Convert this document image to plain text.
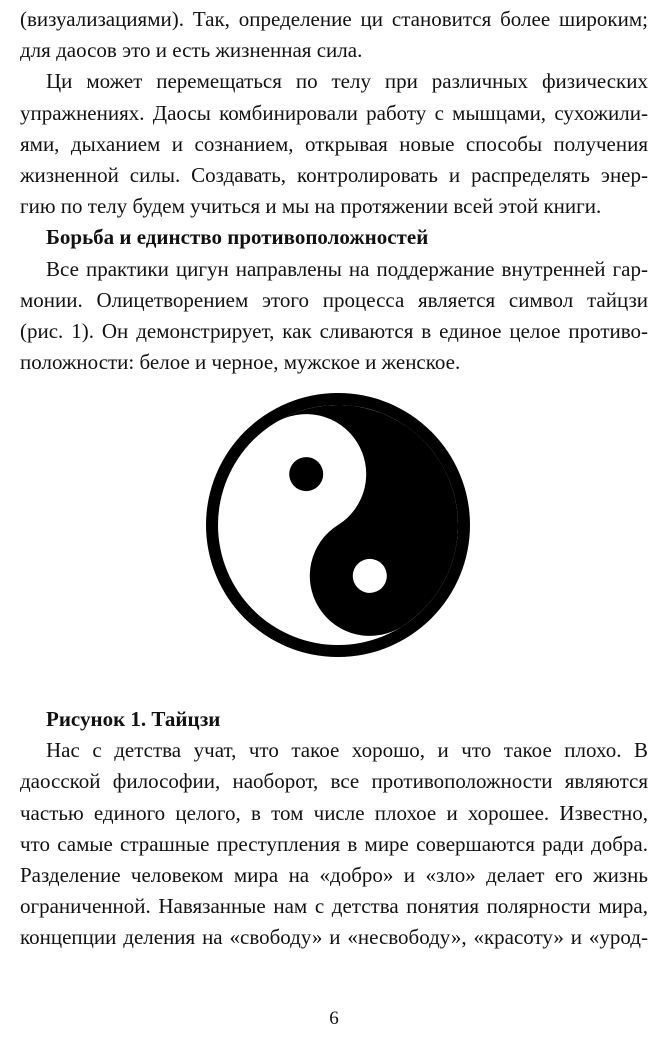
(визуализациями). Так, определение ци становится более широким;
для даосов это и есть жизненная сила.

Ци может перемещаться по телу при различных физических
упражнениях. Даосы комбинировали работу с мышцами, сухожили-
ями, дыханием и сознанием, открывая новые способы получения
жизненной силы. Создавать, контролировать и распределять энер-
гию по телу будем учиться и мы на протяжении всей этой книги.

Борьба и единство противоположностей

Все практики цигун направлены на поддержание внутренней гар-
монии. Олицетворением этого процесса является символ тайцзи
(рис. 1). Он демонстрирует, как сливаются в единое целое противо-
положности: белое и черное, мужское и женское.

Рисунок 1. Тайцзи

Нас с детства учат, что такое хорошо, и что такое плохо. В
даосской философии, наоборот, все противоположности являются
частью единого целого, в том числе плохое и хорошее. Известно,
что самые страшные преступления в мире совершаются ради добра.
Разделение человеком мира на «добро» и «зло» делает его жизнь
ограниченной. Навязанные нам с детства понятия полярности мира,
концепции деления на «свободу» и «несвободу», «красоту» и «урод-

6
